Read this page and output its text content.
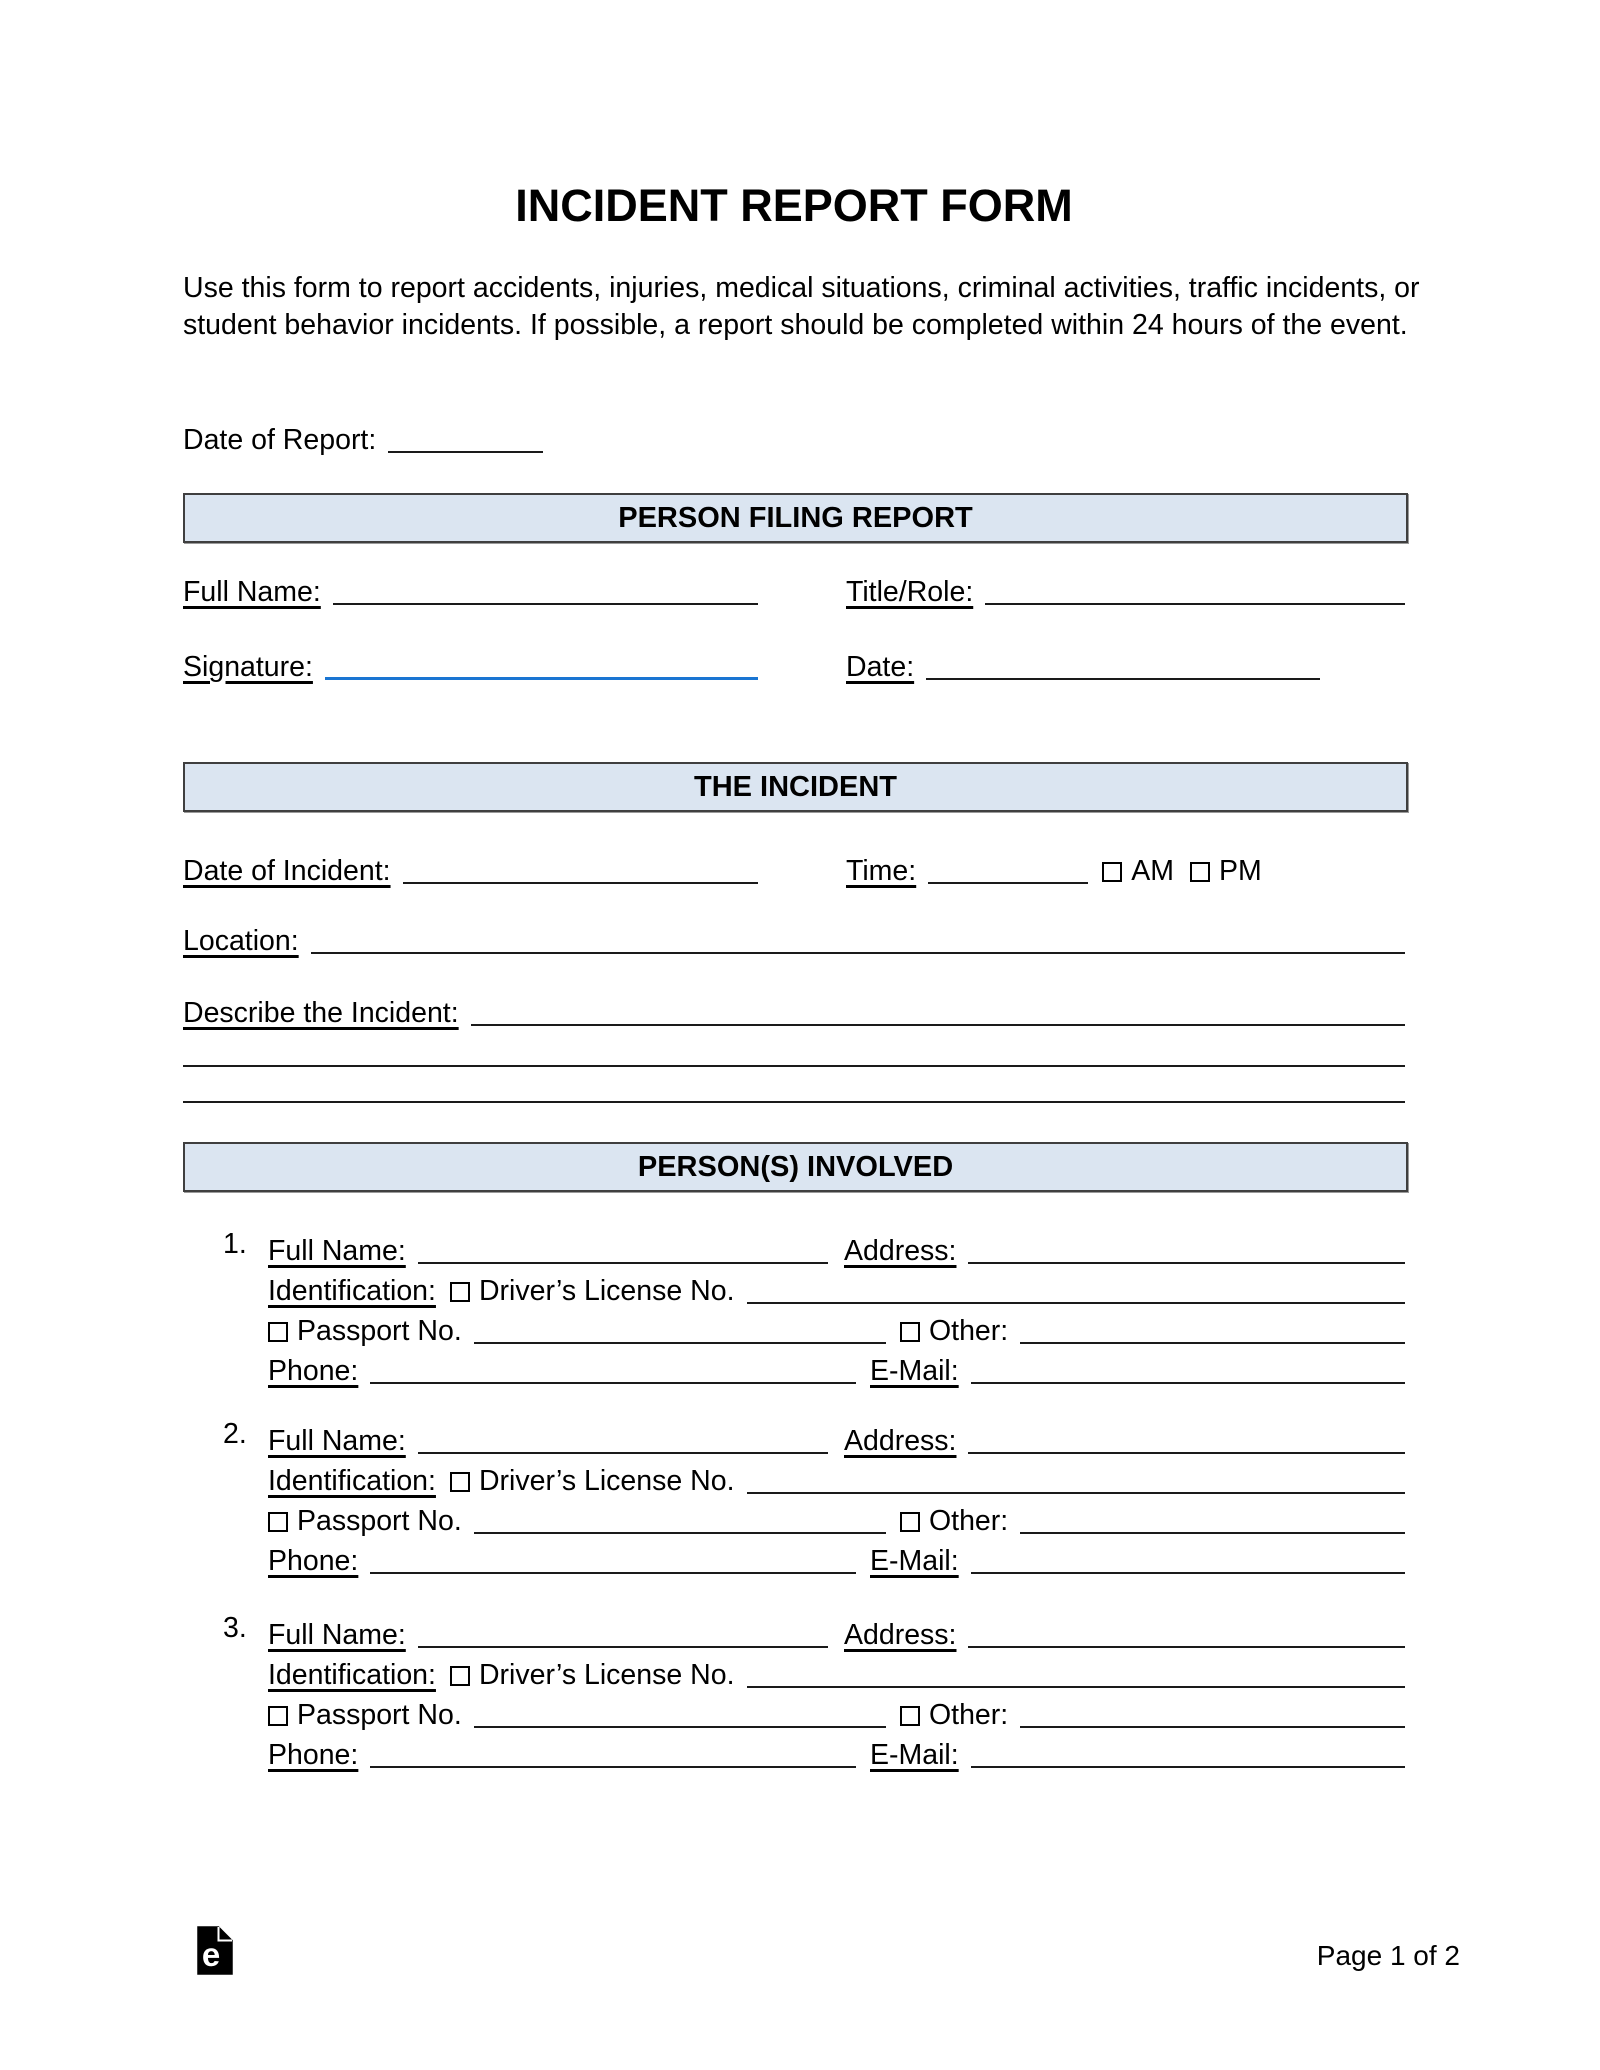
INCIDENT REPORT FORM
Use this form to report accidents, injuries, medical situations, criminal activities, traffic incidents, or student behavior incidents. If possible, a report should be completed within 24 hours of the event.
Date of Report:
PERSON FILING REPORT
Full Name:	Title/Role:
Signature:	Date:
THE INCIDENT
Date of Incident:	Time:	AM PM
Location:
Describe the Incident:
PERSON(S) INVOLVED
1. Full Name:	Address:
Identification: Driver’s License No.
Passport No.	Other:
Phone:	E-Mail:
2. Full Name:	Address:
Identification: Driver’s License No.
Passport No.	Other:
Phone:	E-Mail:
3. Full Name:	Address:
Identification: Driver’s License No.
Passport No.	Other:
Phone:	E-Mail:
e	Page 1 of 2
